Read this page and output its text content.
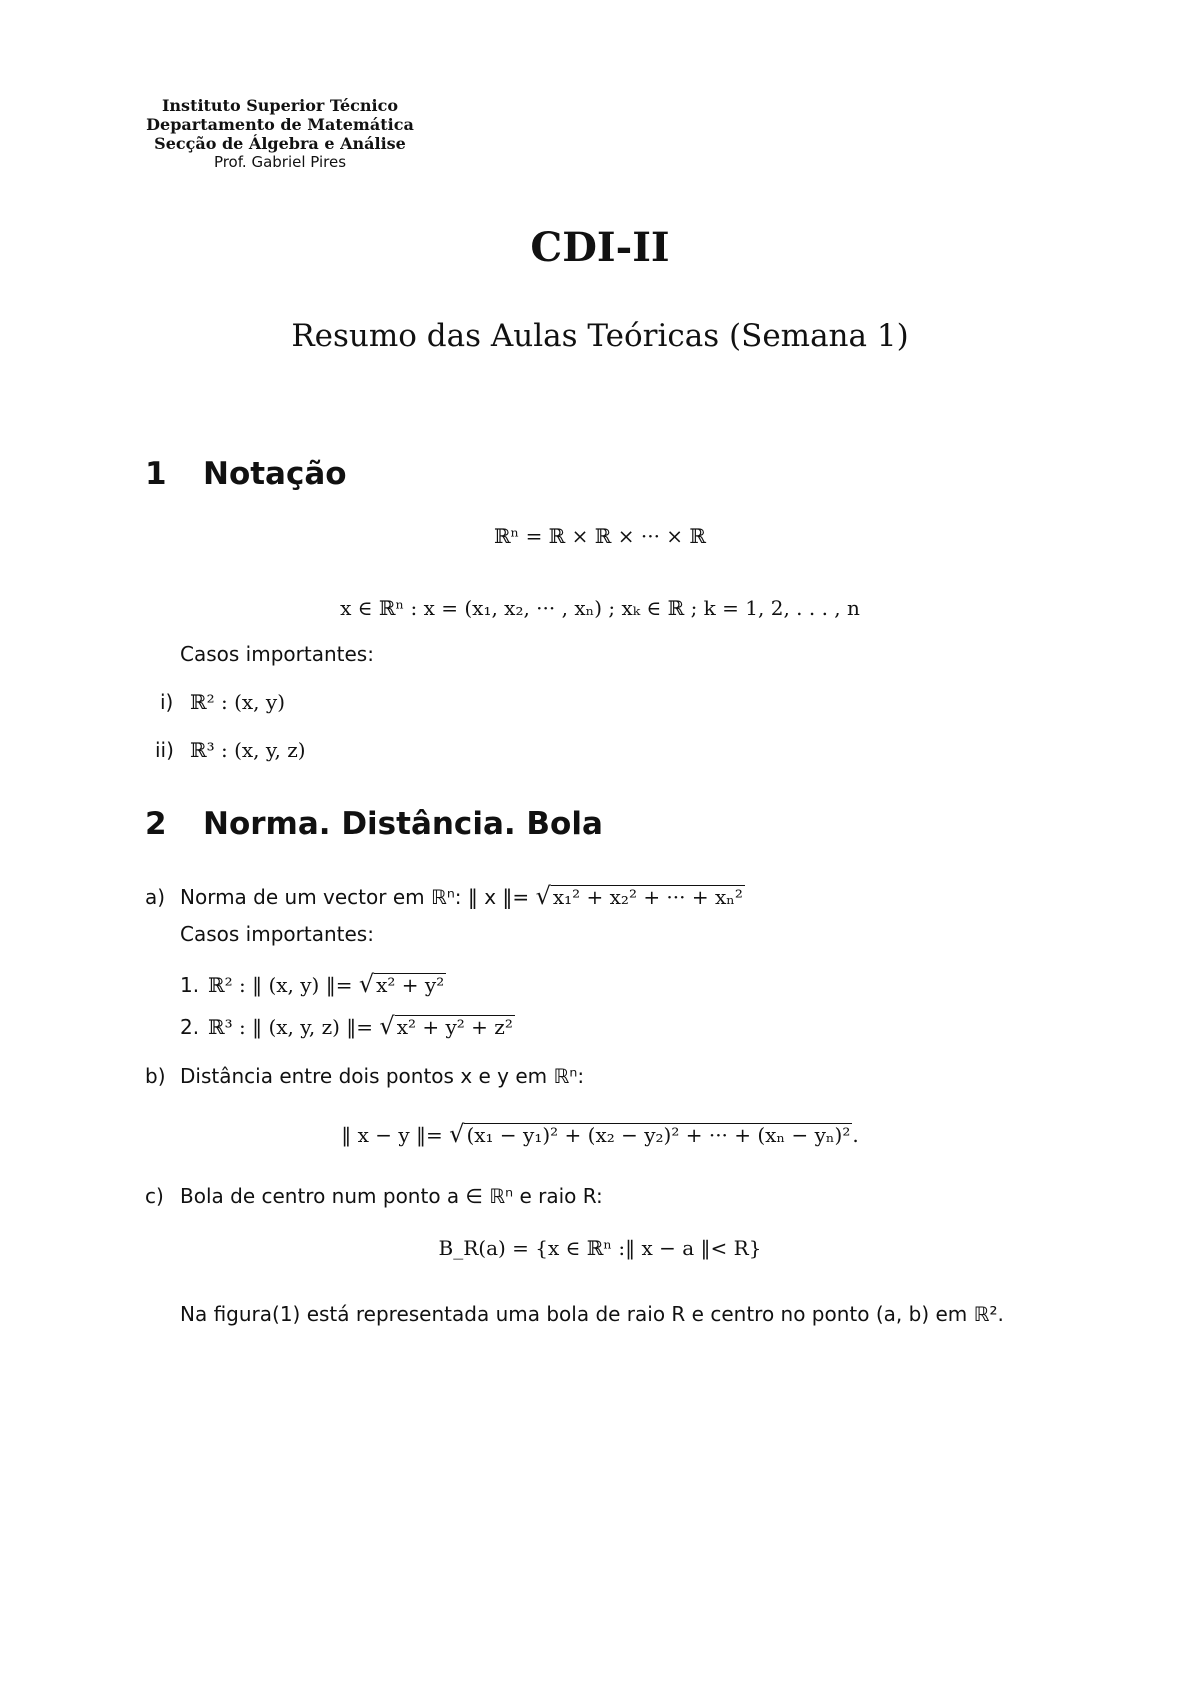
Instituto Superior Técnico
Departamento de Matemática
Secção de Álgebra e Análise
Prof. Gabriel Pires
CDI-II
Resumo das Aulas Teóricas (Semana 1)
1 Notação
ℝⁿ = ℝ × ℝ × ··· × ℝ
x ∈ ℝⁿ : x = (x₁, x₂, ··· , xₙ) ; xₖ ∈ ℝ ; k = 1, 2, . . . , n
Casos importantes:
i) ℝ² : (x, y)
ii) ℝ³ : (x, y, z)
2 Norma. Distância. Bola
a) Norma de um vector em ℝⁿ: ‖ x ‖= √ x₁² + x₂² + ··· + xₙ²
Casos importantes:
1. ℝ² : ‖ (x, y) ‖= √ x² + y²
2. ℝ³ : ‖ (x, y, z) ‖= √ x² + y² + z²
b) Distância entre dois pontos x e y em ℝⁿ:
‖ x − y ‖= √ (x₁ − y₁)² + (x₂ − y₂)² + ··· + (xₙ − yₙ)² .
c) Bola de centro num ponto a ∈ ℝⁿ e raio R:
B_R(a) = {x ∈ ℝⁿ :‖ x − a ‖< R}
Na figura(1) está representada uma bola de raio R e centro no ponto (a, b) em ℝ².
